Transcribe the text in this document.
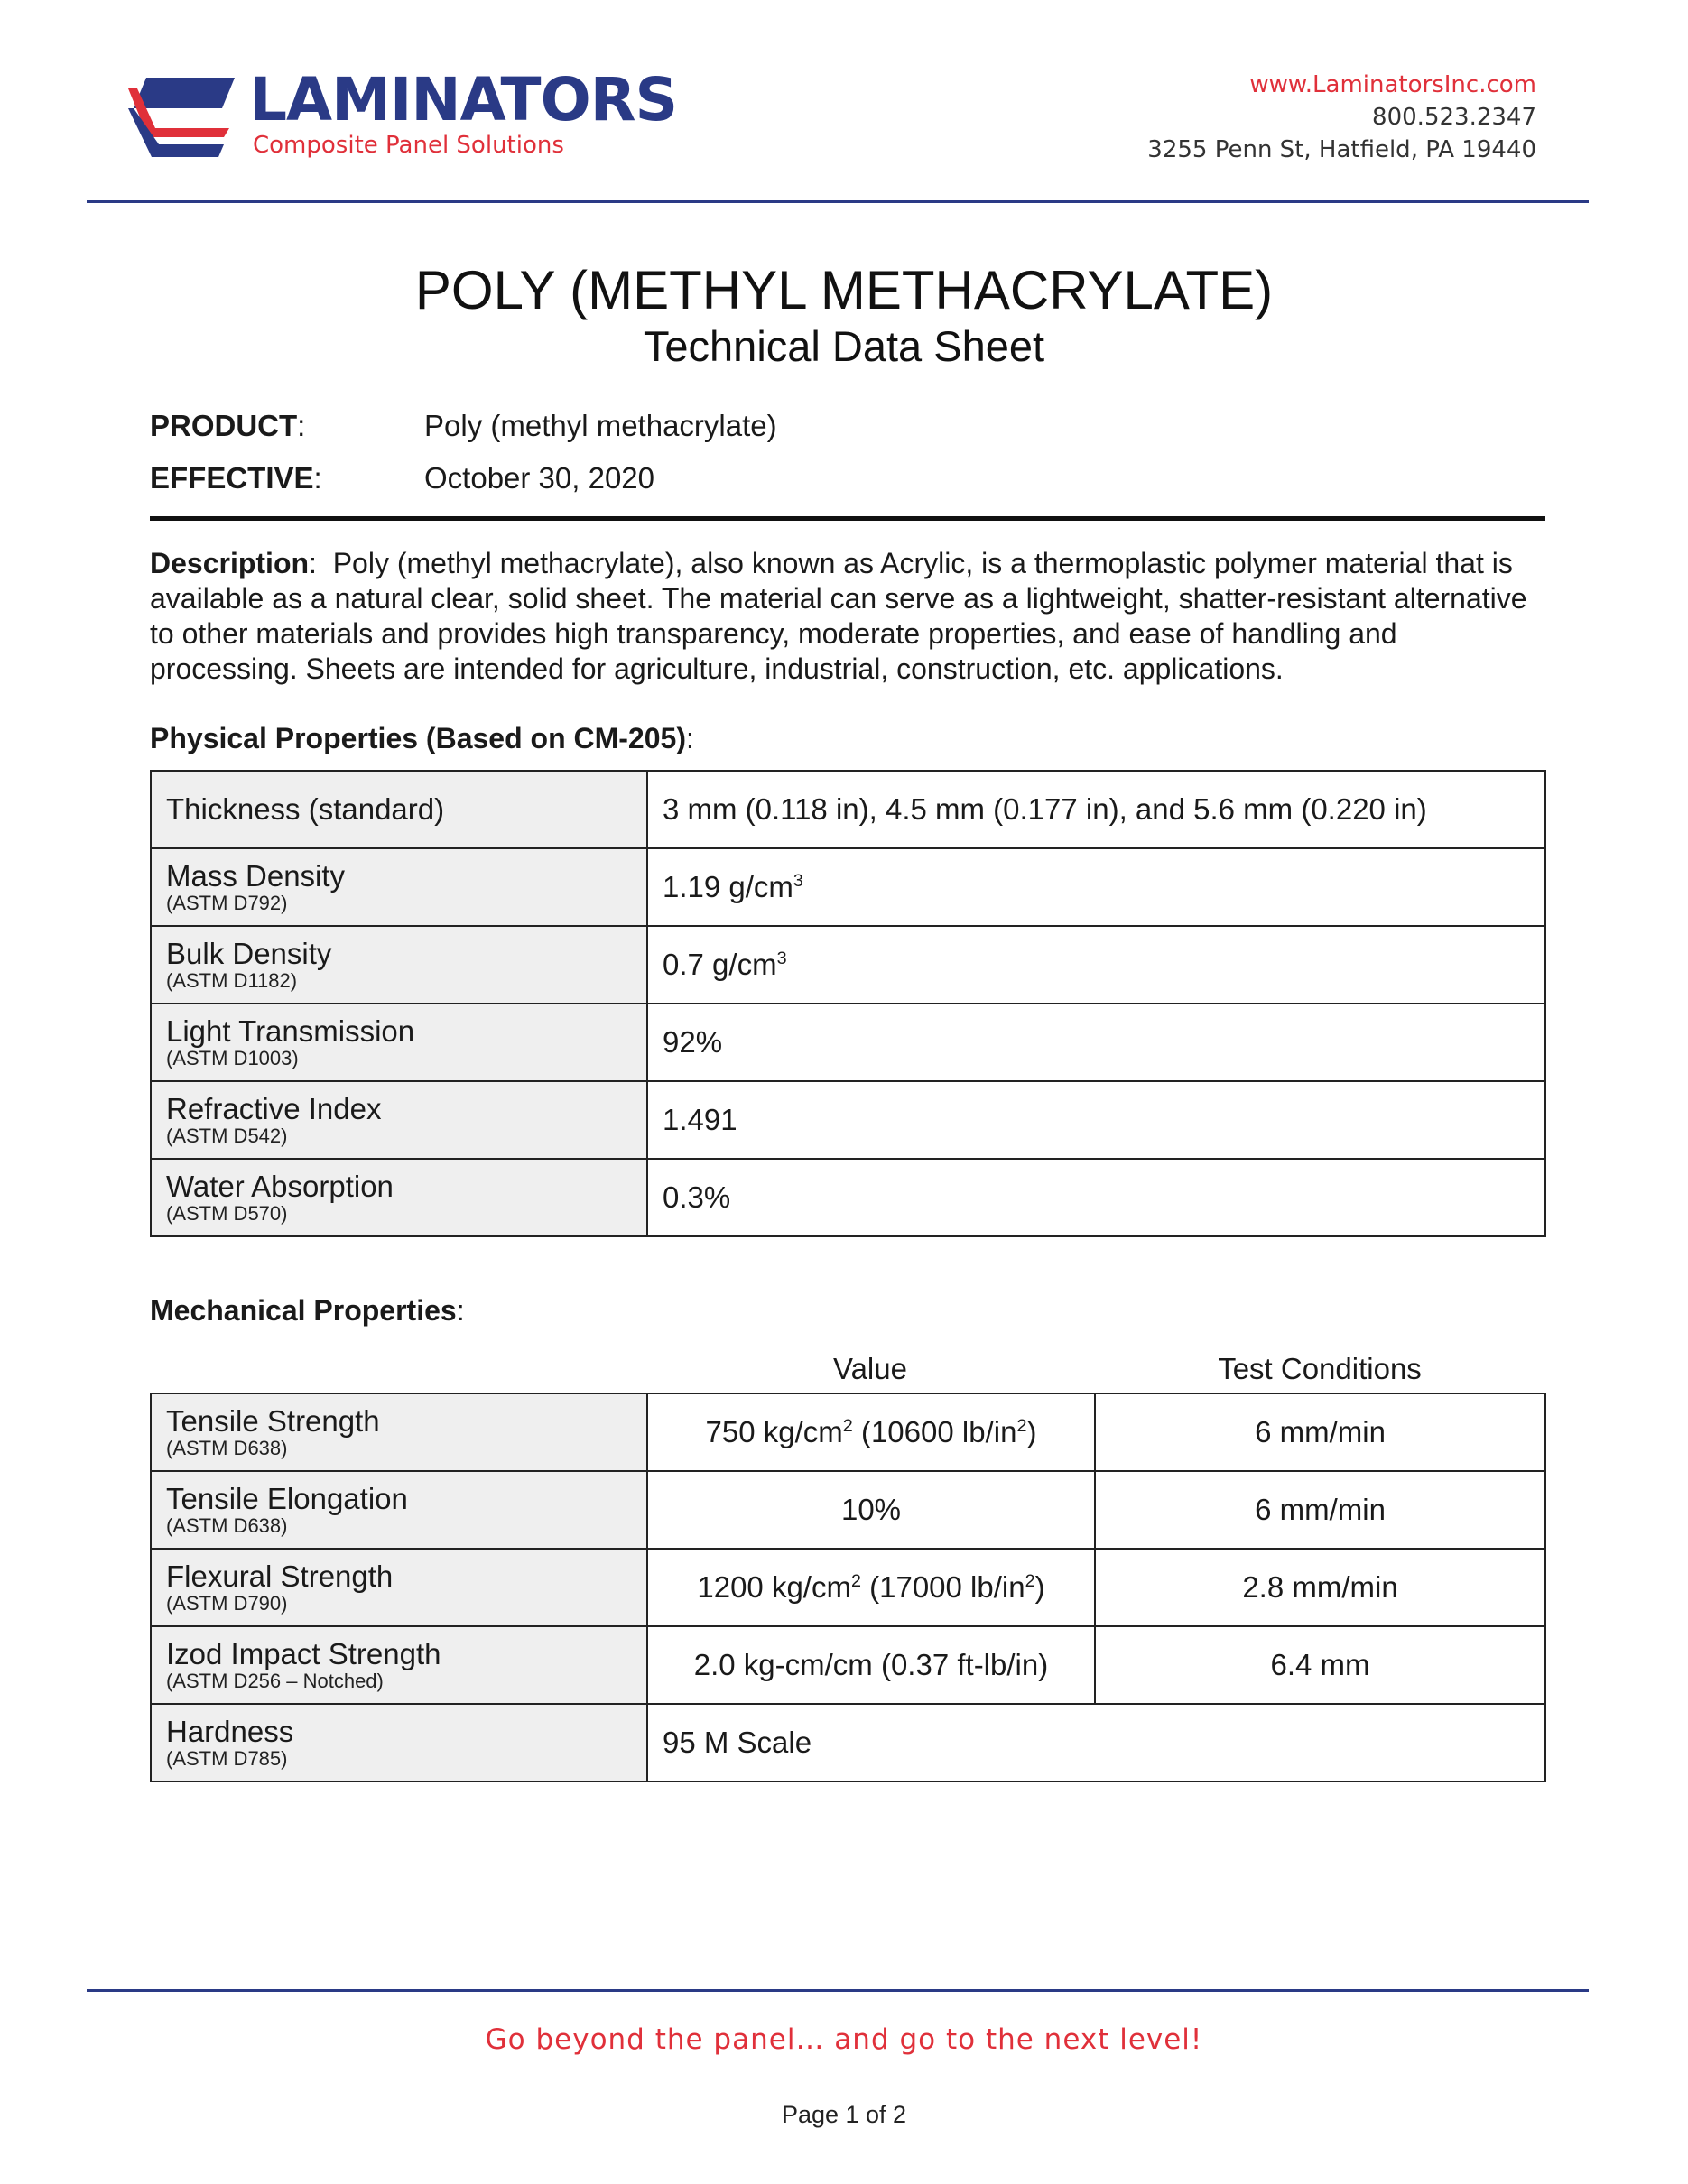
LAMINATORS
Composite Panel Solutions
www.LaminatorsInc.com
800.523.2347
3255 Penn St, Hatfield, PA 19440
POLY (METHYL METHACRYLATE)
Technical Data Sheet
PRODUCT:	Poly (methyl methacrylate)
EFFECTIVE:	October 30, 2020
Description:  Poly (methyl methacrylate), also known as Acrylic, is a thermoplastic polymer material that is available as a natural clear, solid sheet. The material can serve as a lightweight, shatter-resistant alternative to other materials and provides high transparency, moderate properties, and ease of handling and processing. Sheets are intended for agriculture, industrial, construction, etc. applications.
Physical Properties (Based on CM-205):
Thickness (standard)	3 mm (0.118 in), 4.5 mm (0.177 in), and 5.6 mm (0.220 in)

Mass Density
(ASTM D792)	1.19 $g/cm^3$

Bulk Density
(ASTM D1182)	0.7 $g/cm^3$

Light Transmission
(ASTM D1003)	92%

Refractive Index
(ASTM D542)	1.491

Water Absorption
(ASTM D570)	0.3%
Mechanical Properties:
Value	Test Conditions
Tensile Strength
(ASTM D638)	750 $kg/cm^2$ (10600 $lb/in^2$)	6 mm/min

Tensile Elongation
(ASTM D638)	10%	6 mm/min

Flexural Strength
(ASTM D790)	1200 $kg/cm^2$ (17000 $lb/in^2$)	2.8 mm/min

Izod Impact Strength
(ASTM D256 – Notched)	2.0 kg-cm/cm (0.37 ft-lb/in)	6.4 mm

Hardness
(ASTM D785)	95 M Scale	
Go beyond the panel… and go to the next level!
Page 1 of 2
